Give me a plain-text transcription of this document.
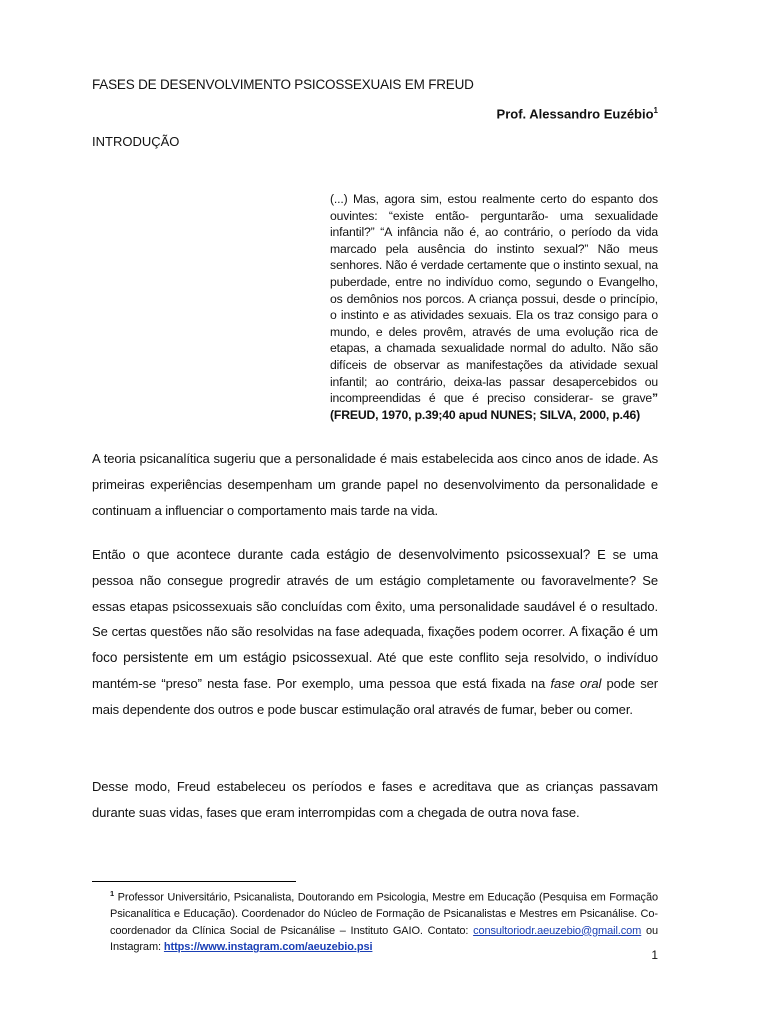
FASES DE DESENVOLVIMENTO PSICOSSEXUAIS EM FREUD
Prof. Alessandro Euzébio$^1$
INTRODUÇÃO
(...) Mas, agora sim, estou realmente certo do espanto dos ouvintes: “existe então- perguntarão- uma sexualidade infantil?” “A infância não é, ao contrário, o período da vida marcado pela ausência do instinto sexual?” Não meus senhores. Não é verdade certamente que o instinto sexual, na puberdade, entre no indivíduo como, segundo o Evangelho, os demônios nos porcos. A criança possui, desde o princípio, o instinto e as atividades sexuais. Ela os traz consigo para o mundo, e deles provêm, através de uma evolução rica de etapas, a chamada sexualidade normal do adulto. Não são difíceis de observar as manifestações da atividade sexual infantil; ao contrário, deixa-las passar desapercebidos ou incompreendidas é que é preciso considerar- se grave” (FREUD, 1970, p.39;40 apud NUNES; SILVA, 2000, p.46)
A teoria psicanalítica sugeriu que a personalidade é mais estabelecida aos cinco anos de idade. As primeiras experiências desempenham um grande papel no desenvolvimento da personalidade e continuam a influenciar o comportamento mais tarde na vida.
Então o que acontece durante cada estágio de desenvolvimento psicossexual? E se uma pessoa não consegue progredir através de um estágio completamente ou favoravelmente? Se essas etapas psicossexuais são concluídas com êxito, uma personalidade saudável é o resultado. Se certas questões não são resolvidas na fase adequada, fixações podem ocorrer. A fixação é um foco persistente em um estágio psicossexual. Até que este conflito seja resolvido, o indivíduo mantém-se “preso” nesta fase. Por exemplo, uma pessoa que está fixada na fase oral pode ser mais dependente dos outros e pode buscar estimulação oral através de fumar, beber ou comer.
Desse modo, Freud estabeleceu os períodos e fases e acreditava que as crianças passavam durante suas vidas, fases que eram interrompidas com a chegada de outra nova fase.
$^1$ Professor Universitário, Psicanalista, Doutorando em Psicologia, Mestre em Educação (Pesquisa em Formação Psicanalítica e Educação). Coordenador do Núcleo de Formação de Psicanalistas e Mestres em Psicanálise. Co-coordenador da Clínica Social de Psicanálise – Instituto GAIO. Contato: consultoriodr.aeuzebio@gmail.com ou Instagram: https://www.instagram.com/aeuzebio.psi
1
